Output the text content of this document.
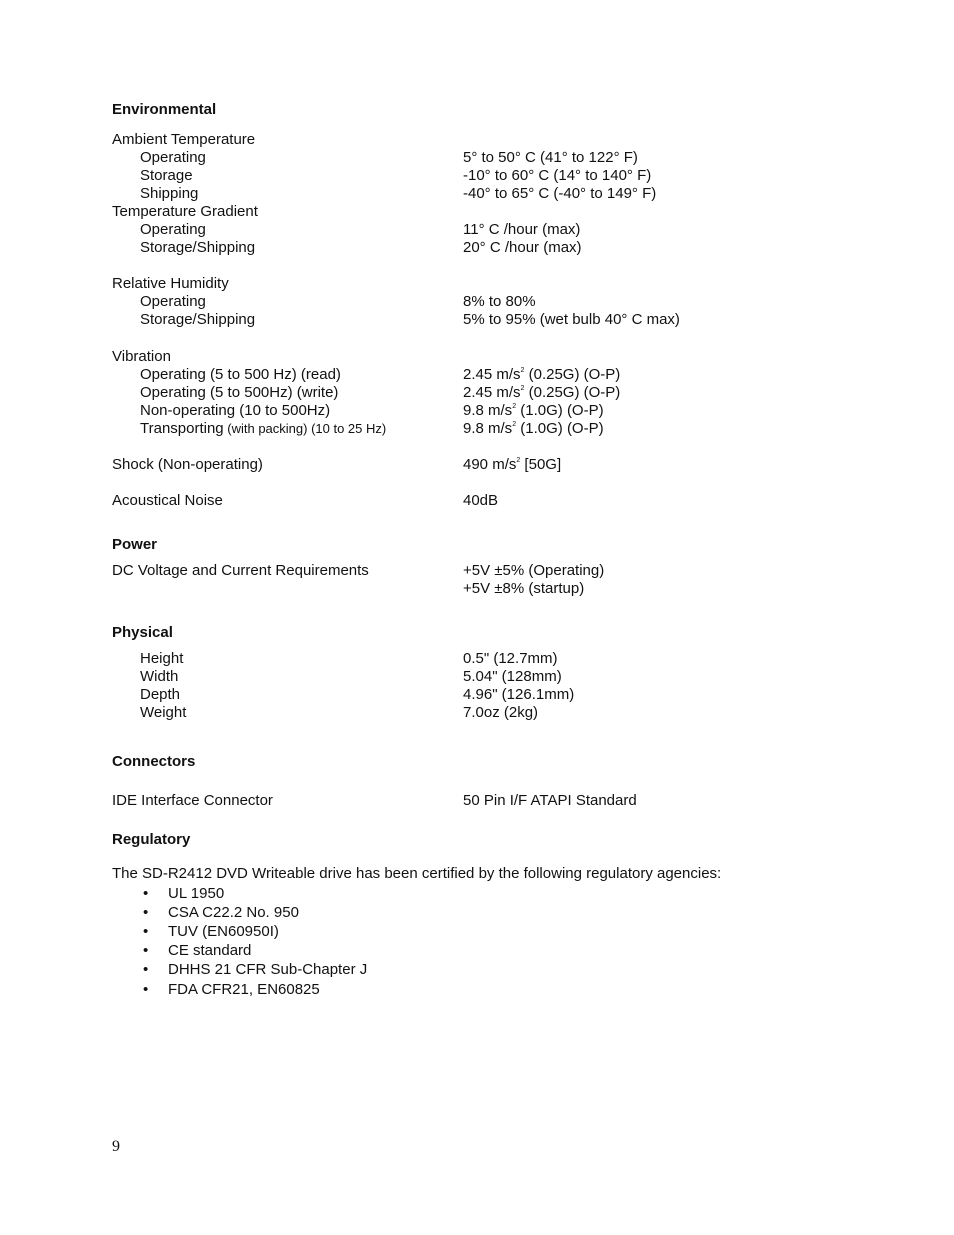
Environmental
Ambient Temperature
Operating	5° to 50° C (41° to 122° F)
Storage	-10° to 60° C (14° to 140° F)
Shipping	-40° to 65° C (-40° to 149° F)
Temperature Gradient
Operating	11° C /hour (max)
Storage/Shipping	20° C /hour (max)
Relative Humidity
Operating	8% to 80%
Storage/Shipping	5% to 95% (wet bulb 40° C max)
Vibration
Operating (5 to 500 Hz) (read)	2.45 $m/s^2$ (0.25G) (O-P)
Operating (5 to 500Hz) (write)	2.45 $m/s^2$ (0.25G) (O-P)
Non-operating (10 to 500Hz)	9.8 $m/s^2$ (1.0G) (O-P)
Transporting (with packing) (10 to 25 Hz)	9.8 $m/s^2$ (1.0G) (O-P)
Shock (Non-operating)	490 $m/s^2$ [50G]
Acoustical Noise	40dB
Power
DC Voltage and Current Requirements	+5V ±5% (Operating)
+5V ±8% (startup)
Physical
Height	0.5" (12.7mm)
Width	5.04" (128mm)
Depth	4.96" (126.1mm)
Weight	7.0oz (2kg)
Connectors
IDE Interface Connector	50 Pin I/F ATAPI Standard
Regulatory
The SD-R2412 DVD Writeable drive has been certified by the following regulatory agencies:
• UL 1950
• CSA C22.2 No. 950
• TUV (EN60950I)
• CE standard
• DHHS 21 CFR Sub-Chapter J
• FDA CFR21, EN60825
9
